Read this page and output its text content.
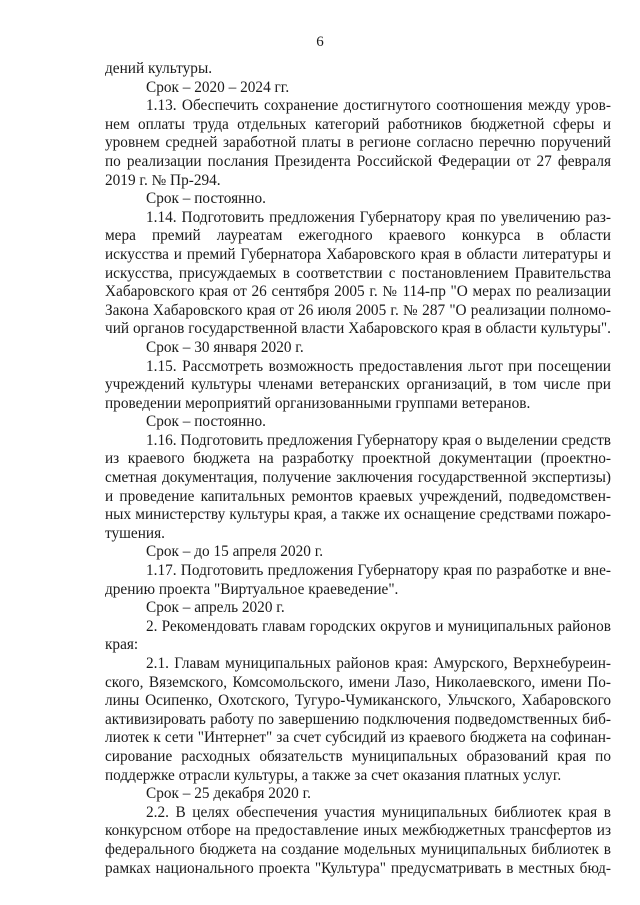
6
дений культуры.
Срок – 2020 – 2024 гг.
1.13. Обеспечить сохранение достигнутого соотношения между уров-
нем оплаты труда отдельных категорий работников бюджетной сферы и
уровнем средней заработной платы в регионе согласно перечню поручений
по реализации послания Президента Российской Федерации от 27 февраля
2019 г. № Пр-294.
Срок – постоянно.
1.14. Подготовить предложения Губернатору края по увеличению раз-
мера премий лауреатам ежегодного краевого конкурса в области
искусства и премий Губернатора Хабаровского края в области литературы и
искусства, присуждаемых в соответствии с постановлением Правительства
Хабаровского края от 26 сентября 2005 г. № 114-пр "О мерах по реализации
Закона Хабаровского края от 26 июля 2005 г. № 287 "О реализации полномо-
чий органов государственной власти Хабаровского края в области культуры".
Срок – 30 января 2020 г.
1.15. Рассмотреть возможность предоставления льгот при посещении
учреждений культуры членами ветеранских организаций, в том числе при
проведении мероприятий организованными группами ветеранов.
Срок – постоянно.
1.16. Подготовить предложения Губернатору края о выделении средств
из краевого бюджета на разработку проектной документации (проектно-
сметная документация, получение заключения государственной экспертизы)
и проведение капитальных ремонтов краевых учреждений, подведомствен-
ных министерству культуры края, а также их оснащение средствами пожаро-
тушения.
Срок – до 15 апреля 2020 г.
1.17. Подготовить предложения Губернатору края по разработке и вне-
дрению проекта "Виртуальное краеведение".
Срок – апрель 2020 г.
2. Рекомендовать главам городских округов и муниципальных районов
края:
2.1. Главам муниципальных районов края: Амурского, Верхнебуреин-
ского, Вяземского, Комсомольского, имени Лазо, Николаевского, имени По-
лины Осипенко, Охотского, Тугуро-Чумиканского, Ульчского, Хабаровского
активизировать работу по завершению подключения подведомственных биб-
лиотек к сети "Интернет" за счет субсидий из краевого бюджета на софинан-
сирование расходных обязательств муниципальных образований края по
поддержке отрасли культуры, а также за счет оказания платных услуг.
Срок – 25 декабря 2020 г.
2.2. В целях обеспечения участия муниципальных библиотек края в
конкурсном отборе на предоставление иных межбюджетных трансфертов из
федерального бюджета на создание модельных муниципальных библиотек в
рамках национального проекта "Культура" предусматривать в местных бюд-
